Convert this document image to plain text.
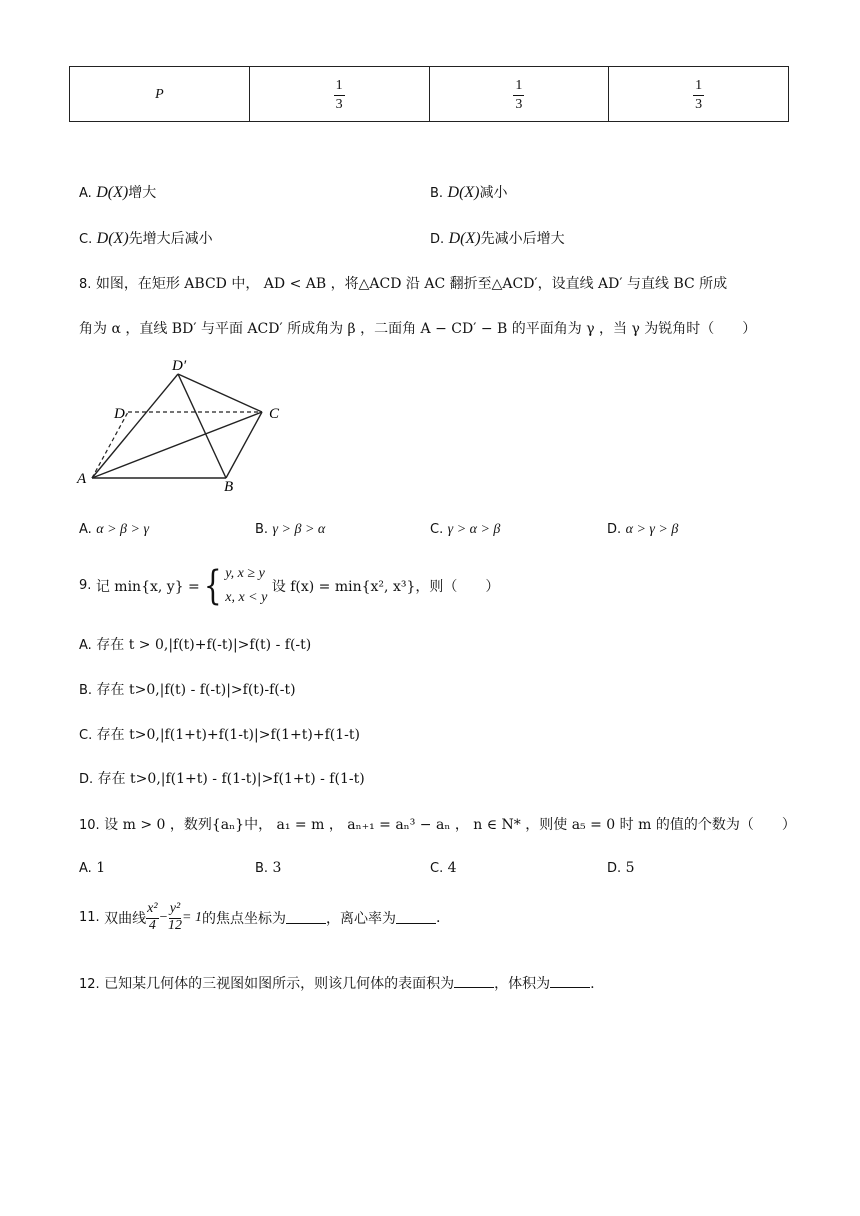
P	$\frac{1}{3}$	$\frac{1}{3}$	$\frac{1}{3}$
A. D(X)增大	B. D(X)减小
C. D(X)先增大后减小	D. D(X)先减小后增大
8. 如图，在矩形 ABCD 中， AD < AB ，将△ACD 沿 AC 翻折至△ACD′，设直线 AD′ 与直线 BC 所成
角为 α ，直线 BD′ 与平面 ACD′ 所成角为 β ，二面角 A − CD′ − B 的平面角为 γ ，当 γ 为锐角时（　　）
D′
D	C
A	B
A. α > β > γ	B. γ > β > α	C. γ > α > β	D. α > γ > β
9.
记 min{x, y} = { y, x ≥ y
x, x < y

设 f(x) = min{x², x³}，则（　　）
A. 存在 t > 0,|f(t)+f(-t)|>f(t) - f(-t)
B. 存在 t>0,|f(t) - f(-t)|>f(t)-f(-t)
C. 存在 t>0,|f(1+t)+f(1-t)|>f(1+t)+f(1-t)
D. 存在 t>0,|f(1+t) - f(1-t)|>f(1+t) - f(1-t)
10. 设 m > 0 ，数列{aₙ}中， a₁ = m ， aₙ₊₁ = aₙ³ − aₙ ， n ∈ N* ，则使 a₅ = 0 时 m 的值的个数为（　　）
A. 1	B. 3	C. 4	D. 5
11.
双曲线 $\frac{\text{x²}}{4} - \frac{\text{y²}}{12} = 1$ 的焦点坐标为	，离心率为	.
12. 已知某几何体的三视图如图所示，则该几何体的表面积为	，体积为	.
